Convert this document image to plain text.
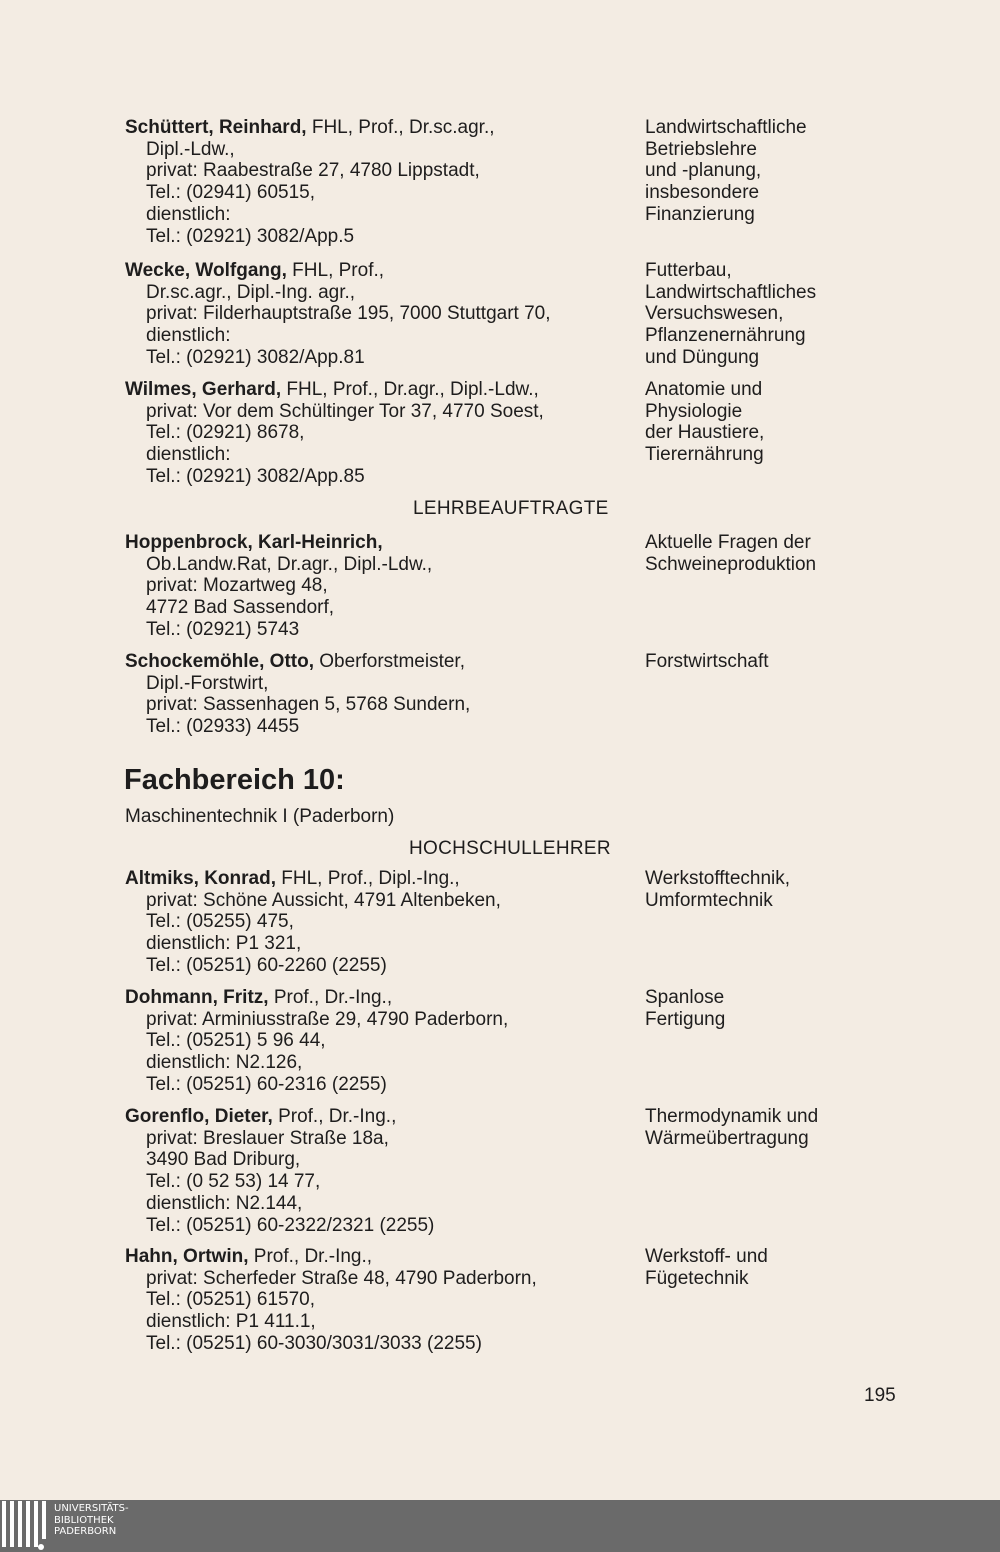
Schüttert, Reinhard, FHL, Prof., Dr.sc.agr.,
Dipl.-Ldw.,
privat: Raabestraße 27, 4780 Lippstadt,
Tel.: (02941) 60515,
dienstlich:
Tel.: (02921) 3082/App.5
Landwirtschaftliche
Betriebslehre
und -planung,
insbesondere
Finanzierung
Wecke, Wolfgang, FHL, Prof.,
Dr.sc.agr., Dipl.-Ing. agr.,
privat: Filderhauptstraße 195, 7000 Stuttgart 70,
dienstlich:
Tel.: (02921) 3082/App.81
Futterbau,
Landwirtschaftliches
Versuchswesen,
Pflanzenernährung
und Düngung
Wilmes, Gerhard, FHL, Prof., Dr.agr., Dipl.-Ldw.,
privat: Vor dem Schültinger Tor 37, 4770 Soest,
Tel.: (02921) 8678,
dienstlich:
Tel.: (02921) 3082/App.85
Anatomie und
Physiologie
der Haustiere,
Tierernährung
LEHRBEAUFTRAGTE
Hoppenbrock, Karl-Heinrich,
Ob.Landw.Rat, Dr.agr., Dipl.-Ldw.,
privat: Mozartweg 48,
4772 Bad Sassendorf,
Tel.: (02921) 5743
Aktuelle Fragen der
Schweineproduktion
Schockemöhle, Otto, Oberforstmeister,
Dipl.-Forstwirt,
privat: Sassenhagen 5, 5768 Sundern,
Tel.: (02933) 4455
Forstwirtschaft
Fachbereich 10:
Maschinentechnik I (Paderborn)
HOCHSCHULLEHRER
Altmiks, Konrad, FHL, Prof., Dipl.-Ing.,
privat: Schöne Aussicht, 4791 Altenbeken,
Tel.: (05255) 475,
dienstlich: P1 321,
Tel.: (05251) 60-2260 (2255)
Werkstofftechnik,
Umformtechnik
Dohmann, Fritz, Prof., Dr.-Ing.,
privat: Arminiusstraße 29, 4790 Paderborn,
Tel.: (05251) 5 96 44,
dienstlich: N2.126,
Tel.: (05251) 60-2316 (2255)
Spanlose
Fertigung
Gorenflo, Dieter, Prof., Dr.-Ing.,
privat: Breslauer Straße 18a,
3490 Bad Driburg,
Tel.: (0 52 53) 14 77,
dienstlich: N2.144,
Tel.: (05251) 60-2322/2321 (2255)
Thermodynamik und
Wärmeübertragung
Hahn, Ortwin, Prof., Dr.-Ing.,
privat: Scherfeder Straße 48, 4790 Paderborn,
Tel.: (05251) 61570,
dienstlich: P1 411.1,
Tel.: (05251) 60-3030/3031/3033 (2255)
Werkstoff- und
Fügetechnik
195
UNIVERSITÄTS-
BIBLIOTHEK
PADERBORN
